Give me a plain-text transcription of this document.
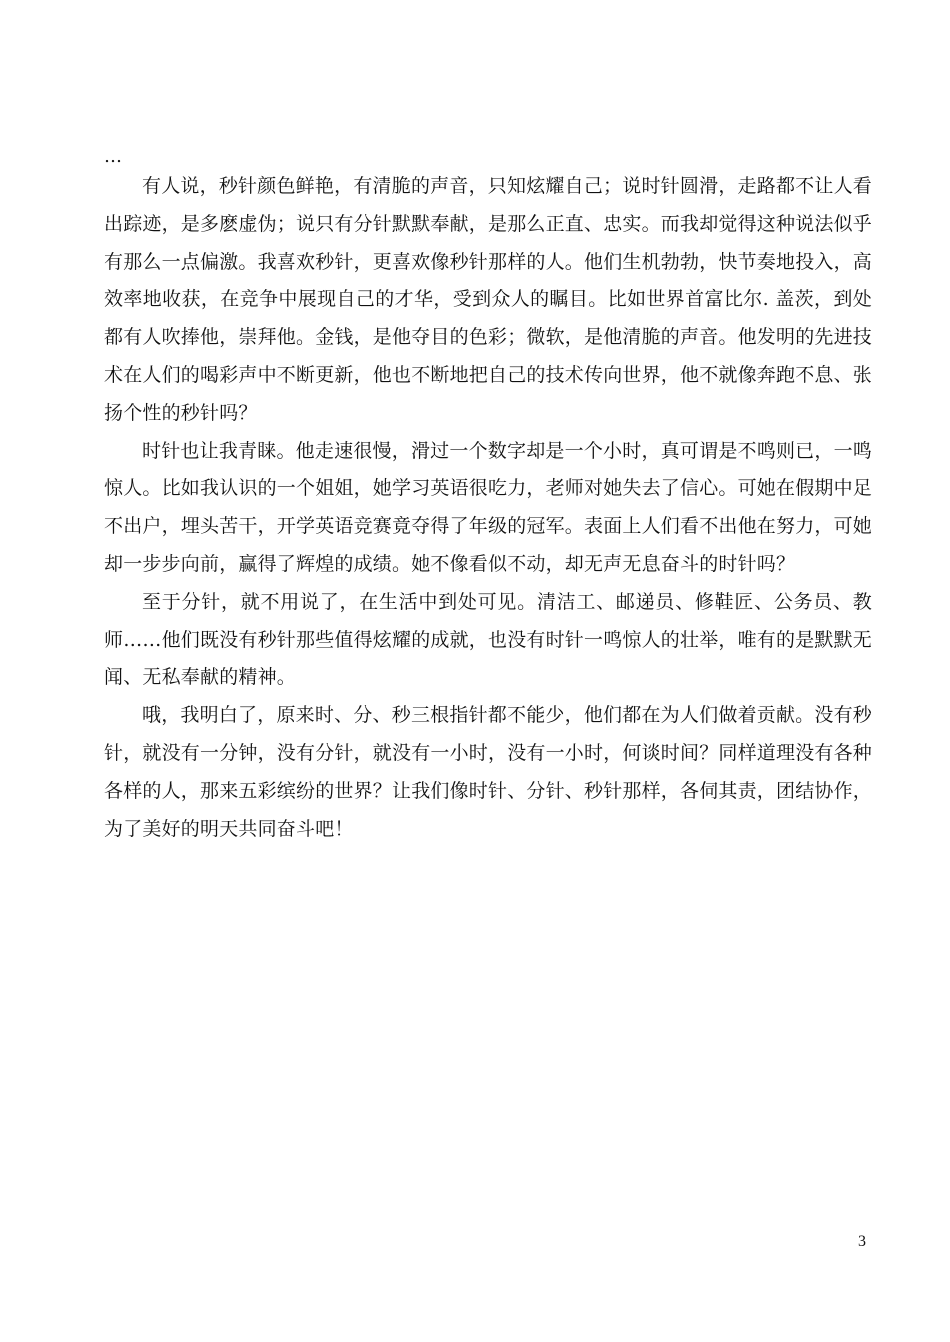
…

有人说，秒针颜色鲜艳，有清脆的声音，只知炫耀自己；说时针圆滑，走路都不让人看出踪迹，是多麽虚伪；说只有分针默默奉献，是那么正直、忠实。而我却觉得这种说法似乎有那么一点偏激。我喜欢秒针，更喜欢像秒针那样的人。他们生机勃勃，快节奏地投入，高效率地收获，在竞争中展现自己的才华，受到众人的瞩目。比如世界首富比尔. 盖茨，到处都有人吹捧他，崇拜他。金钱，是他夺目的色彩；微软，是他清脆的声音。他发明的先进技术在人们的喝彩声中不断更新，他也不断地把自己的技术传向世界，他不就像奔跑不息、张扬个性的秒针吗？

时针也让我青睐。他走速很慢，滑过一个数字却是一个小时，真可谓是不鸣则已，一鸣惊人。比如我认识的一个姐姐，她学习英语很吃力，老师对她失去了信心。可她在假期中足不出户，埋头苦干，开学英语竞赛竟夺得了年级的冠军。表面上人们看不出他在努力，可她却一步步向前，赢得了辉煌的成绩。她不像看似不动，却无声无息奋斗的时针吗？

至于分针，就不用说了，在生活中到处可见。清洁工、邮递员、修鞋匠、公务员、教师……他们既没有秒针那些值得炫耀的成就，也没有时针一鸣惊人的壮举，唯有的是默默无闻、无私奉献的精神。

哦，我明白了，原来时、分、秒三根指针都不能少，他们都在为人们做着贡献。没有秒针，就没有一分钟，没有分针，就没有一小时，没有一小时，何谈时间？同样道理没有各种各样的人，那来五彩缤纷的世界？让我们像时针、分针、秒针那样，各伺其责，团结协作，为了美好的明天共同奋斗吧！

3
